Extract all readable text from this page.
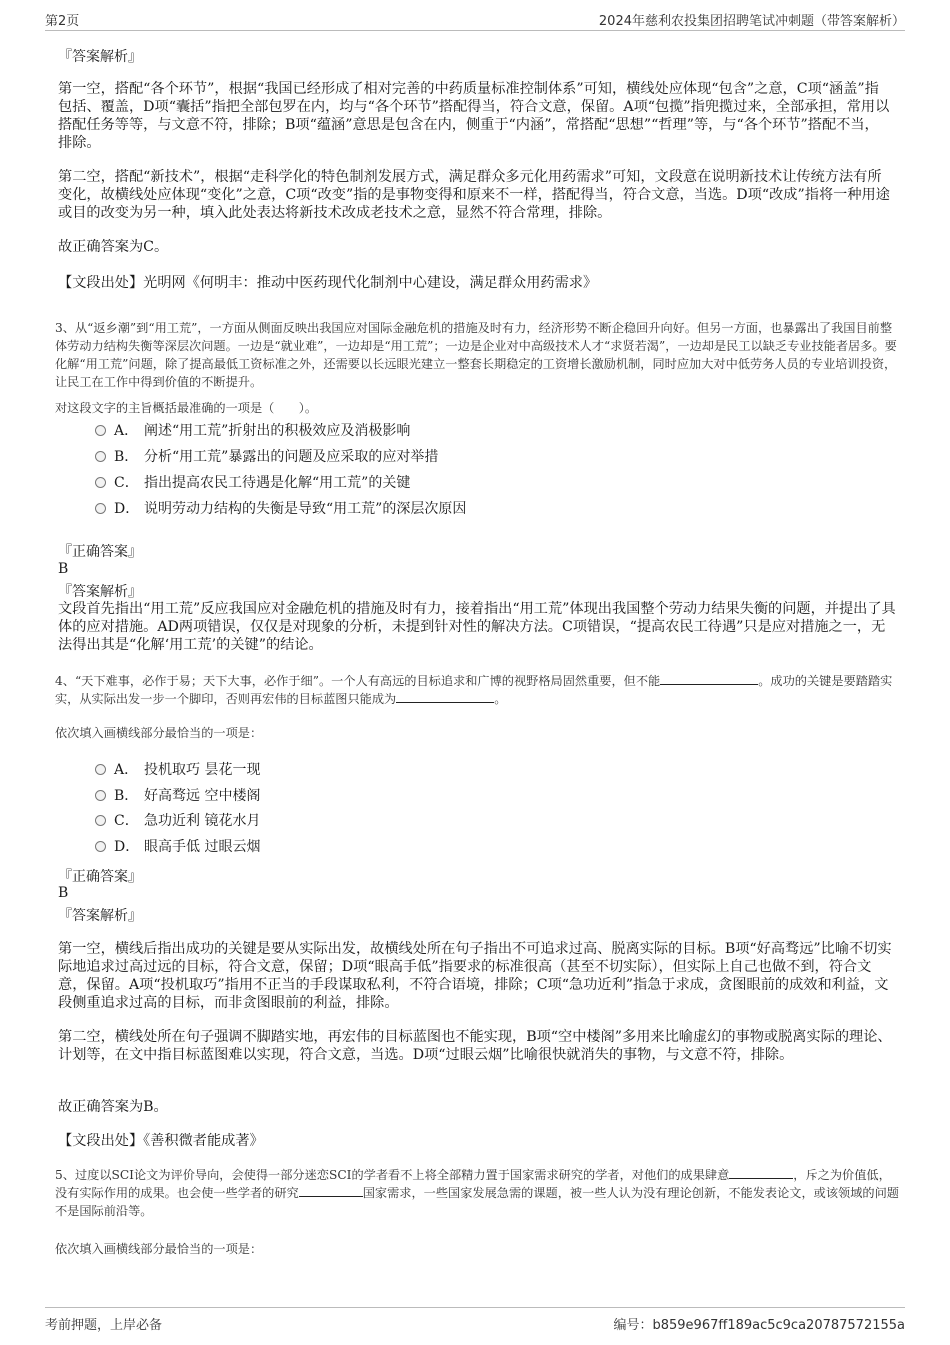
第2页	2024年慈利农投集团招聘笔试冲刺题（带答案解析）
『答案解析』
第一空，搭配“各个环节”，根据“我国已经形成了相对完善的中药质量标准控制体系”可知，横线处应体现“包含”之意，C项“涵盖”指包括、覆盖，D项“囊括”指把全部包罗在内，均与“各个环节”搭配得当，符合文意，保留。A项“包揽”指兜揽过来，全部承担，常用以搭配任务等等，与文意不符，排除；B项“蕴涵”意思是包含在内，侧重于“内涵”，常搭配“思想”“哲理”等，与“各个环节”搭配不当，排除。
第二空，搭配“新技术”，根据“走科学化的特色制剂发展方式，满足群众多元化用药需求”可知，文段意在说明新技术让传统方法有所变化，故横线处应体现“变化”之意，C项“改变”指的是事物变得和原来不一样，搭配得当，符合文意，当选。D项“改成”指将一种用途或目的改变为另一种，填入此处表达将新技术改成老技术之意，显然不符合常理，排除。
故正确答案为C。
【文段出处】光明网《何明丰：推动中医药现代化制剂中心建设，满足群众用药需求》
3、从“返乡潮”到“用工荒”，一方面从侧面反映出我国应对国际金融危机的措施及时有力，经济形势不断企稳回升向好。但另一方面，也暴露出了我国目前整体劳动力结构失衡等深层次问题。一边是“就业难”，一边却是“用工荒”；一边是企业对中高级技术人才“求贤若渴”，一边却是民工以缺乏专业技能者居多。要化解“用工荒”问题，除了提高最低工资标准之外，还需要以长远眼光建立一整套长期稳定的工资增长激励机制，同时应加大对中低劳务人员的专业培训投资，让民工在工作中得到价值的不断提升。
对这段文字的主旨概括最准确的一项是（　　）。
A． 阐述“用工荒”折射出的积极效应及消极影响
B． 分析“用工荒”暴露出的问题及应采取的应对举措
C． 指出提高农民工待遇是化解“用工荒”的关键
D． 说明劳动力结构的失衡是导致“用工荒”的深层次原因
『正确答案』
B
『答案解析』
文段首先指出“用工荒”反应我国应对金融危机的措施及时有力，接着指出“用工荒”体现出我国整个劳动力结果失衡的问题，并提出了具体的应对措施。AD两项错误，仅仅是对现象的分析，未提到针对性的解决方法。C项错误，“提高农民工待遇”只是应对措施之一，无法得出其是“化解‘用工荒’的关键”的结论。
4、“天下难事，必作于易；天下大事，必作于细”。一个人有高远的目标追求和广博的视野格局固然重要，但不能	。成功的关键是要踏踏实实，从实际出发一步一个脚印，否则再宏伟的目标蓝图只能成为	。
依次填入画横线部分最恰当的一项是：
A． 投机取巧 昙花一现
B． 好高骛远 空中楼阁
C． 急功近利 镜花水月
D． 眼高手低 过眼云烟
『正确答案』
B
『答案解析』
第一空，横线后指出成功的关键是要从实际出发，故横线处所在句子指出不可追求过高、脱离实际的目标。B项“好高骛远”比喻不切实际地追求过高过远的目标，符合文意，保留；D项“眼高手低”指要求的标准很高（甚至不切实际），但实际上自己也做不到，符合文意，保留。A项“投机取巧”指用不正当的手段谋取私利，不符合语境，排除；C项“急功近利”指急于求成，贪图眼前的成效和利益，文段侧重追求过高的目标，而非贪图眼前的利益，排除。
第二空，横线处所在句子强调不脚踏实地，再宏伟的目标蓝图也不能实现，B项“空中楼阁”多用来比喻虚幻的事物或脱离实际的理论、计划等，在文中指目标蓝图难以实现，符合文意，当选。D项“过眼云烟”比喻很快就消失的事物，与文意不符，排除。
故正确答案为B。
【文段出处】《善积微者能成著》
5、过度以SCI论文为评价导向，会使得一部分迷恋SCI的学者看不上将全部精力置于国家需求研究的学者，对他们的成果肆意	，斥之为价值低，没有实际作用的成果。也会使一些学者的研究	国家需求，一些国家发展急需的课题，被一些人认为没有理论创新，不能发表论文，或该领域的问题不是国际前沿等。
依次填入画横线部分最恰当的一项是：
考前押题，上岸必备	编号：b859e967ff189ac5c9ca20787572155a
